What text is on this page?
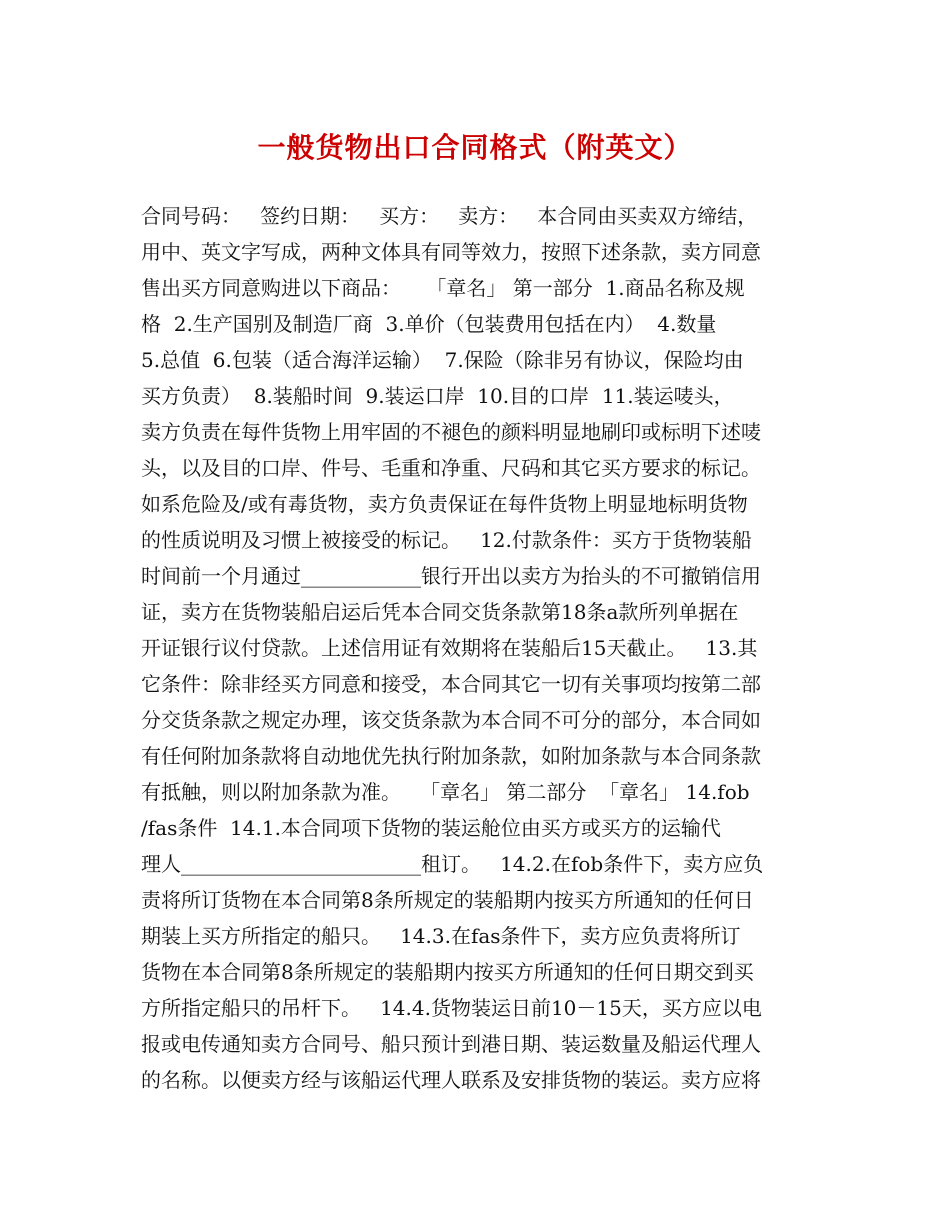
一般货物出口合同格式（附英文）
合同号码：   签约日期：   买方：   卖方：   本合同由买卖双方缔结，
用中、英文字写成，两种文体具有同等效力，按照下述条款，卖方同意
售出买方同意购进以下商品：    「章名」 第一部分  1.商品名称及规
格  2.生产国别及制造厂商  3.单价（包装费用包括在内）  4.数量
5.总值  6.包装（适合海洋运输）  7.保险（除非另有协议，保险均由
买方负责）  8.装船时间  9.装运口岸  10.目的口岸  11.装运唛头，
卖方负责在每件货物上用牢固的不褪色的颜料明显地刷印或标明下述唛
头，以及目的口岸、件号、毛重和净重、尺码和其它买方要求的标记。
如系危险及/或有毒货物，卖方负责保证在每件货物上明显地标明货物
的性质说明及习惯上被接受的标记。   12.付款条件：买方于货物装船
时间前一个月通过____________银行开出以卖方为抬头的不可撤销信用
证，卖方在货物装船启运后凭本合同交货条款第18条a款所列单据在
开证银行议付贷款。上述信用证有效期将在装船后15天截止。   13.其
它条件：除非经买方同意和接受，本合同其它一切有关事项均按第二部
分交货条款之规定办理，该交货条款为本合同不可分的部分，本合同如
有任何附加条款将自动地优先执行附加条款，如附加条款与本合同条款
有抵触，则以附加条款为准。   「章名」 第二部分  「章名」 14.fob
/fas条件  14.1.本合同项下货物的装运舱位由买方或买方的运输代
理人________________________租订。   14.2.在fob条件下，卖方应负
责将所订货物在本合同第8条所规定的装船期内按买方所通知的任何日
期装上买方所指定的船只。   14.3.在fas条件下，卖方应负责将所订
货物在本合同第8条所规定的装船期内按买方所通知的任何日期交到买
方所指定船只的吊杆下。   14.4.货物装运日前10－15天，买方应以电
报或电传通知卖方合同号、船只预计到港日期、装运数量及船运代理人
的名称。以便卖方经与该船运代理人联系及安排货物的装运。卖方应将
